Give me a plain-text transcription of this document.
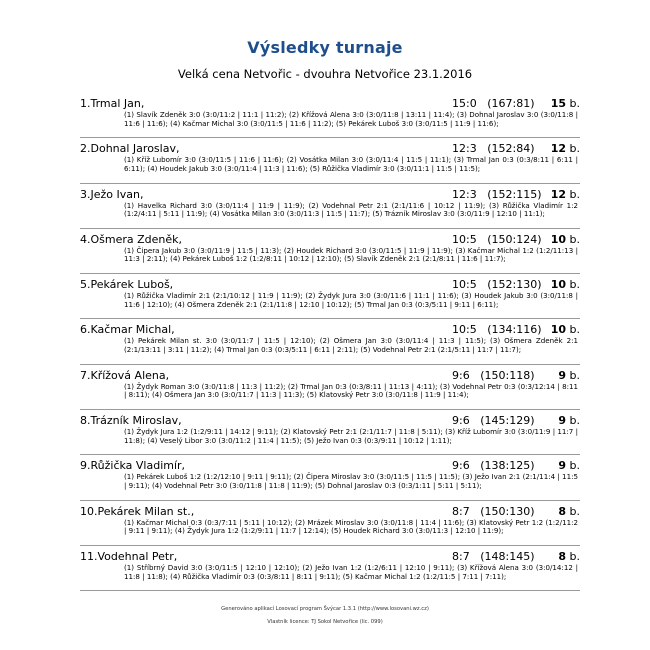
Výsledky turnaje
Velká cena Netvořic - dvouhra Netvořice 23.1.2016
1.Trmal Jan,	15:0 (167:81) 15 b.
(1) Slavík Zdeněk 3:0 (3:0/11:2 | 11:1 | 11:2); (2) Křížová Alena 3:0 (3:0/11:8 | 13:11 | 11:4); (3) Dohnal Jaroslav 3:0 (3:0/11:8 | 11:6 | 11:6); (4) Kačmar Michal 3:0 (3:0/11:5 | 11:6 | 11:2); (5) Pekárek Luboš 3:0 (3:0/11:5 | 11:9 | 11:6);
2.Dohnal Jaroslav,	12:3 (152:84) 12 b.
(1) Kříž Lubomír 3:0 (3:0/11:5 | 11:6 | 11:6); (2) Vosátka Milan 3:0 (3:0/11:4 | 11:5 | 11:1); (3) Trmal Jan 0:3 (0:3/8:11 | 6:11 | 6:11); (4) Houdek Jakub 3:0 (3:0/11:4 | 11:3 | 11:6); (5) Růžička Vladimír 3:0 (3:0/11:1 | 11:5 | 11:5);
3.Ježo Ivan,	12:3 (152:115) 12 b.
(1) Havelka Richard 3:0 (3:0/11:4 | 11:9 | 11:9); (2) Vodehnal Petr 2:1 (2:1/11:6 | 10:12 | 11:9); (3) Růžička Vladimír 1:2 (1:2/4:11 | 5:11 | 11:9); (4) Vosátka Milan 3:0 (3:0/11:3 | 11:5 | 11:7); (5) Trázník Miroslav 3:0 (3:0/11:9 | 12:10 | 11:1);
4.Ošmera Zdeněk,	10:5 (150:124) 10 b.
(1) Čipera Jakub 3:0 (3:0/11:9 | 11:5 | 11:3); (2) Houdek Richard 3:0 (3:0/11:5 | 11:9 | 11:9); (3) Kačmar Michal 1:2 (1:2/11:13 | 11:3 | 2:11); (4) Pekárek Luboš 1:2 (1:2/8:11 | 10:12 | 12:10); (5) Slavík Zdeněk 2:1 (2:1/8:11 | 11:6 | 11:7);
5.Pekárek Luboš,	10:5 (152:130) 10 b.
(1) Růžička Vladimír 2:1 (2:1/10:12 | 11:9 | 11:9); (2) Žydyk Jura 3:0 (3:0/11:6 | 11:1 | 11:6); (3) Houdek Jakub 3:0 (3:0/11:8 | 11:6 | 12:10); (4) Ošmera Zdeněk 2:1 (2:1/11:8 | 12:10 | 10:12); (5) Trmal Jan 0:3 (0:3/5:11 | 9:11 | 6:11);
6.Kačmar Michal,	10:5 (134:116) 10 b.
(1) Pekárek Milan st. 3:0 (3:0/11:7 | 11:5 | 12:10); (2) Ošmera Jan 3:0 (3:0/11:4 | 11:3 | 11:5); (3) Ošmera Zdeněk 2:1 (2:1/13:11 | 3:11 | 11:2); (4) Trmal Jan 0:3 (0:3/5:11 | 6:11 | 2:11); (5) Vodehnal Petr 2:1 (2:1/5:11 | 11:7 | 11:7);
7.Křížová Alena,	9:6 (150:118) 9 b.
(1) Žydyk Roman 3:0 (3:0/11:8 | 11:3 | 11:2); (2) Trmal Jan 0:3 (0:3/8:11 | 11:13 | 4:11); (3) Vodehnal Petr 0:3 (0:3/12:14 | 8:11 | 8:11); (4) Ošmera Jan 3:0 (3:0/11:7 | 11:3 | 11:3); (5) Klatovský Petr 3:0 (3:0/11:8 | 11:9 | 11:4);
8.Trázník Miroslav,	9:6 (145:129) 9 b.
(1) Žydyk Jura 1:2 (1:2/9:11 | 14:12 | 9:11); (2) Klatovský Petr 2:1 (2:1/11:7 | 11:8 | 5:11); (3) Kříž Lubomír 3:0 (3:0/11:9 | 11:7 | 11:8); (4) Veselý Libor 3:0 (3:0/11:2 | 11:4 | 11:5); (5) Ježo Ivan 0:3 (0:3/9:11 | 10:12 | 1:11);
9.Růžička Vladimír,	9:6 (138:125) 9 b.
(1) Pekárek Luboš 1:2 (1:2/12:10 | 9:11 | 9:11); (2) Čipera Miroslav 3:0 (3:0/11:5 | 11:5 | 11:5); (3) Ježo Ivan 2:1 (2:1/11:4 | 11:5 | 9:11); (4) Vodehnal Petr 3:0 (3:0/11:8 | 11:8 | 11:9); (5) Dohnal Jaroslav 0:3 (0:3/1:11 | 5:11 | 5:11);
10.Pekárek Milan st.,	8:7 (150:130) 8 b.
(1) Kačmar Michal 0:3 (0:3/7:11 | 5:11 | 10:12); (2) Mrázek Miroslav 3:0 (3:0/11:8 | 11:4 | 11:6); (3) Klatovský Petr 1:2 (1:2/11:2 | 9:11 | 9:11); (4) Žydyk Jura 1:2 (1:2/9:11 | 11:7 | 12:14); (5) Houdek Richard 3:0 (3:0/11:3 | 12:10 | 11:9);
11.Vodehnal Petr,	8:7 (148:145) 8 b.
(1) Stříbrný David 3:0 (3:0/11:5 | 12:10 | 12:10); (2) Ježo Ivan 1:2 (1:2/6:11 | 12:10 | 9:11); (3) Křížová Alena 3:0 (3:0/14:12 | 11:8 | 11:8); (4) Růžička Vladimír 0:3 (0:3/8:11 | 8:11 | 9:11); (5) Kačmar Michal 1:2 (1:2/11:5 | 7:11 | 7:11);
Generováno aplikací Losovací program Švýcar 1.3.1 (http://www.losovani.wz.cz)
Vlastník licence: TJ Sokol Netvořice (lic. 099)
